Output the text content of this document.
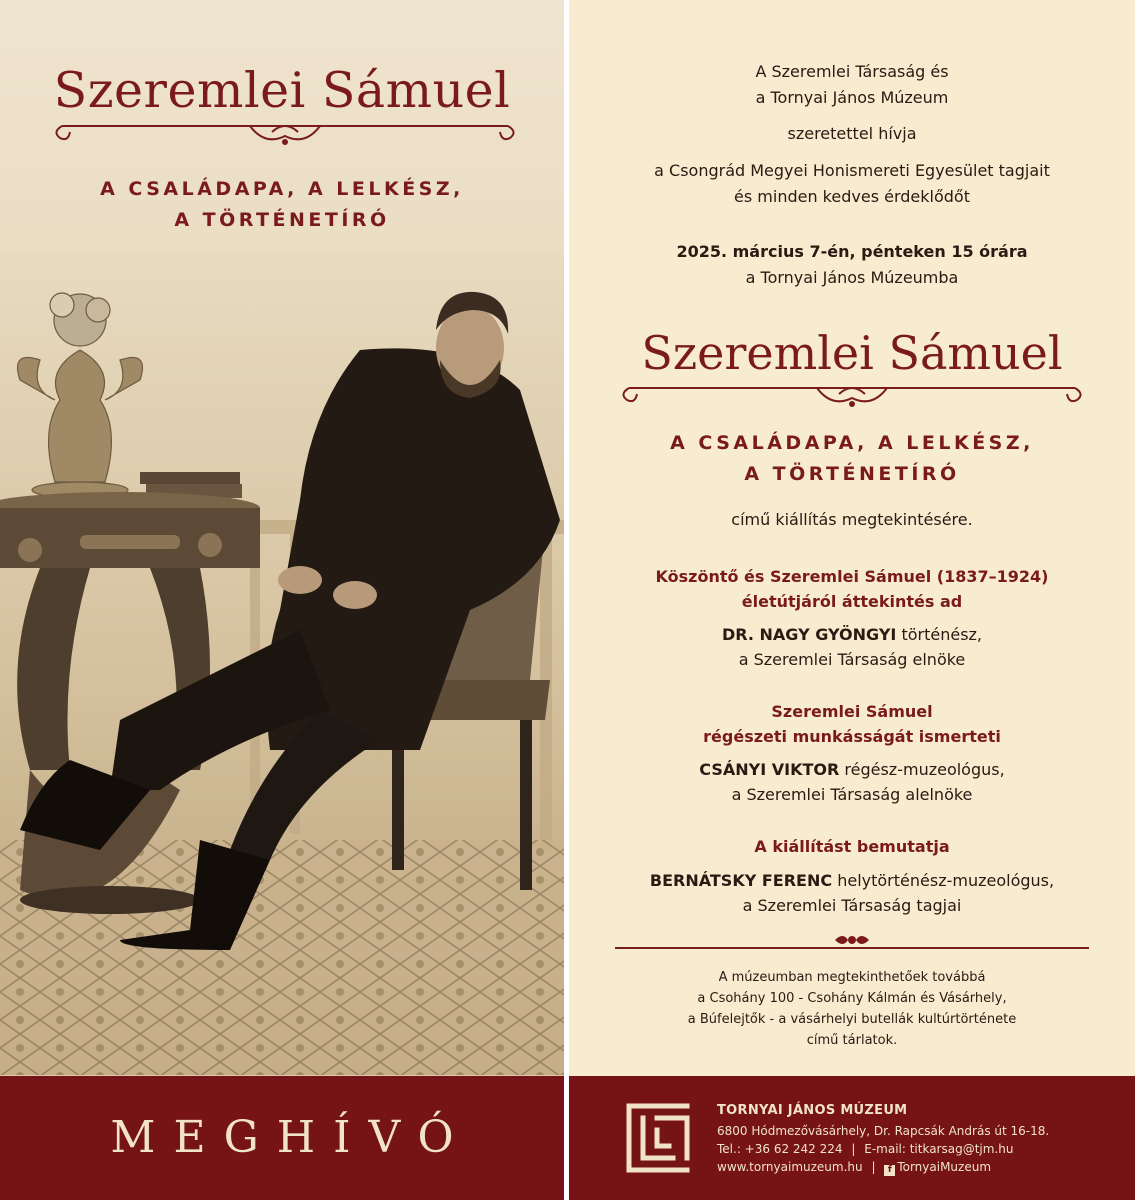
Szeremlei Sámuel
A CSALÁDAPA, A LELKÉSZ,
A TÖRTÉNETÍRÓ
MEGHÍVÓ
A Szeremlei Társaság és
a Tornyai János Múzeum
szeretettel hívja
a Csongrád Megyei Honismereti Egyesület tagjait
és minden kedves érdeklődőt
2025. március 7-én, pénteken 15 órára
a Tornyai János Múzeumba
Szeremlei Sámuel
A CSALÁDAPA, A LELKÉSZ,
A TÖRTÉNETÍRÓ
című kiállítás megtekintésére.
Köszöntő és Szeremlei Sámuel (1837–1924)
életútjáról áttekintés ad
DR. NAGY GYÖNGYI történész,
a Szeremlei Társaság elnöke
Szeremlei Sámuel
régészeti munkásságát ismerteti
CSÁNYI VIKTOR régész-muzeológus,
a Szeremlei Társaság alelnöke
A kiállítást bemutatja
BERNÁTSKY FERENC helytörténész-muzeológus,
a Szeremlei Társaság tagjai
A múzeumban megtekinthetőek továbbá
a Csohány 100 - Csohány Kálmán és Vásárhely,
a Búfelejtők - a vásárhelyi butellák kultúrtörténete
című tárlatok.
TORNYAI JÁNOS MÚZEUM
6800 Hódmezővásárhely, Dr. Rapcsák András út 16-18.
Tel.: +36 62 242 224 | E-mail: titkarsag@tjm.hu
www.tornyaimuzeum.hu | f TornyaiMuzeum
